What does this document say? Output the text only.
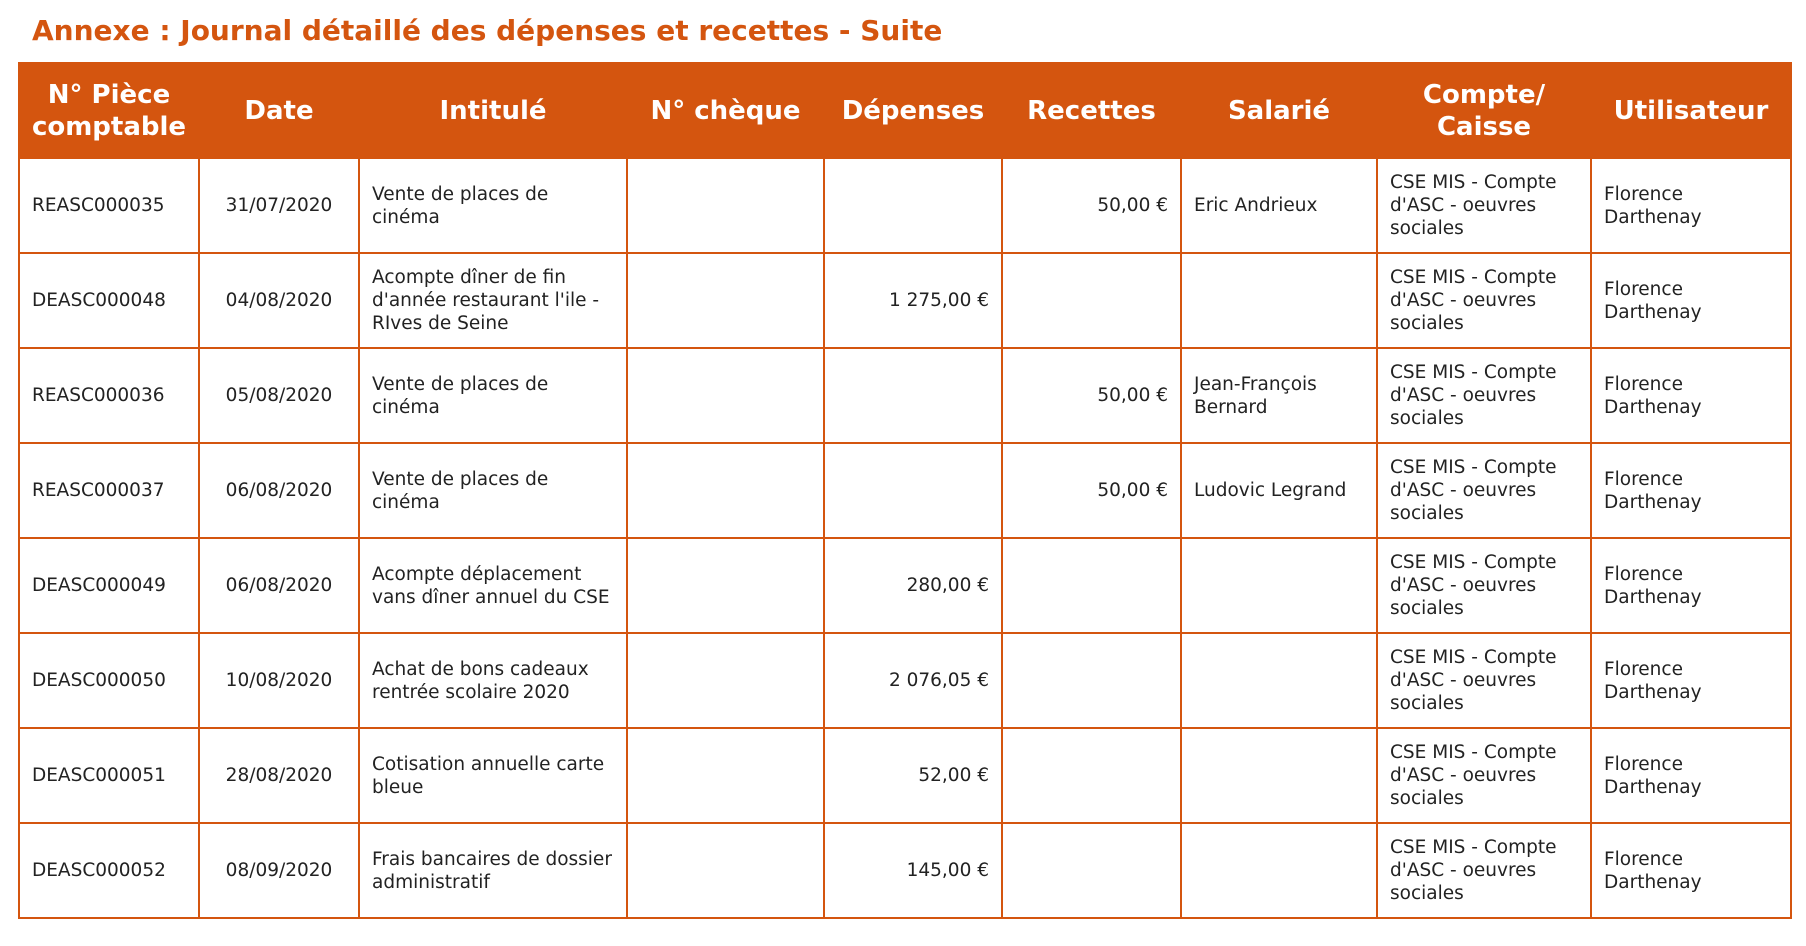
Annexe : Journal détaillé des dépenses et recettes - Suite
N° Pièce
comptable	Date	Intitulé	N° chèque	Dépenses	Recettes	Salarié	Compte/
Caisse	Utilisateur
REASC000035	31/07/2020	Vente de places de cinéma			50,00 €	Eric Andrieux	CSE MIS - Compte d'ASC - oeuvres sociales	Florence Darthenay
DEASC000048	04/08/2020	Acompte dîner de fin d'année restaurant l'ile - RIves de Seine		1 275,00 €			CSE MIS - Compte d'ASC - oeuvres sociales	Florence Darthenay
REASC000036	05/08/2020	Vente de places de cinéma			50,00 €	Jean-François Bernard	CSE MIS - Compte d'ASC - oeuvres sociales	Florence Darthenay
REASC000037	06/08/2020	Vente de places de cinéma			50,00 €	Ludovic Legrand	CSE MIS - Compte d'ASC - oeuvres sociales	Florence Darthenay
DEASC000049	06/08/2020	Acompte déplacement vans dîner annuel du CSE		280,00 €			CSE MIS - Compte d'ASC - oeuvres sociales	Florence Darthenay
DEASC000050	10/08/2020	Achat de bons cadeaux rentrée scolaire 2020		2 076,05 €			CSE MIS - Compte d'ASC - oeuvres sociales	Florence Darthenay
DEASC000051	28/08/2020	Cotisation annuelle carte bleue		52,00 €			CSE MIS - Compte d'ASC - oeuvres sociales	Florence Darthenay
DEASC000052	08/09/2020	Frais bancaires de dossier administratif		145,00 €			CSE MIS - Compte d'ASC - oeuvres sociales	Florence Darthenay
